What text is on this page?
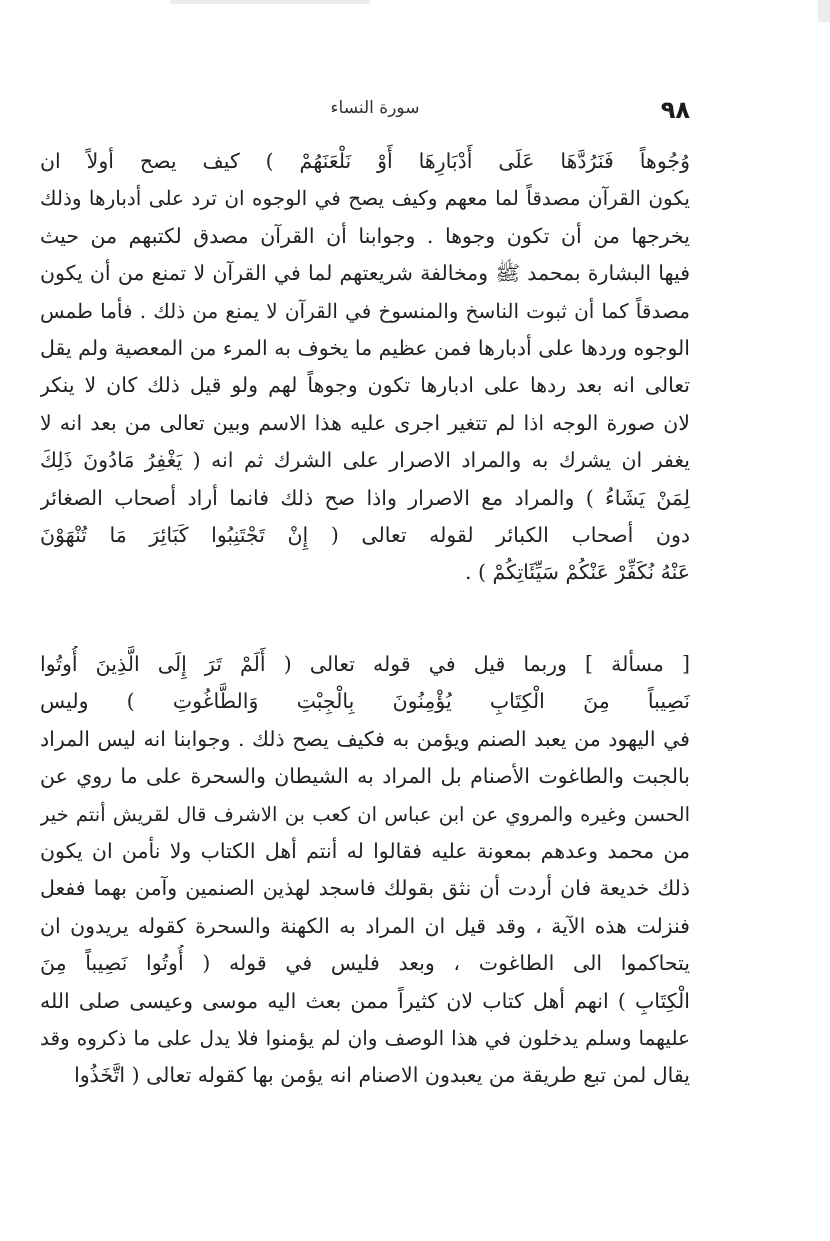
٩٨
سورة النساء
وُجُوهاً فَنَرُدَّهَا عَلَى أَدْبَارِهَا أَوْ نَلْعَنَهُمْ ) كيف يصح أولاً ان
يكون القرآن مصدقاً لما معهم وكيف يصح في الوجوه ان ترد على أدبارها وذلك
يخرجها من أن تكون وجوها . وجوابنا أن القرآن مصدق لكتبهم من حيث
فيها البشارة بمحمد ﷺ ومخالفة شريعتهم لما في القرآن لا تمنع من أن يكون
مصدقاً كما أن ثبوت الناسخ والمنسوخ في القرآن لا يمنع من ذلك . فأما طمس
الوجوه وردها على أدبارها فمن عظيم ما يخوف به المرء من المعصية ولم يقل
تعالى انه بعد ردها على ادبارها تكون وجوهاً لهم ولو قيل ذلك كان لا ينكر
لان صورة الوجه اذا لم تتغير اجرى عليه هذا الاسم وبين تعالى من بعد انه لا
يغفر ان يشرك به والمراد الاصرار على الشرك ثم انه ( يَغْفِرُ مَادُونَ ذَلِكَ
لِمَنْ يَشَاءُ ) والمراد مع الاصرار واذا صح ذلك فانما أراد أصحاب الصغائر
دون أصحاب الكبائر لقوله تعالى ( إِنْ تَجْتَنِبُوا كَبَائِرَ مَا تُنْهَوْنَ
عَنْهُ نُكَفِّرْ عَنْكُمْ سَيِّئَاتِكُمْ ) .
[ مسألة ] وربما قيل في قوله تعالى ( أَلَمْ تَرَ إِلَى الَّذِينَ أُوتُوا
نَصِيباً مِنَ الْكِتَابِ يُؤْمِنُونَ بِالْجِبْتِ وَالطَّاغُوتِ ) وليس
في اليهود من يعبد الصنم ويؤمن به فكيف يصح ذلك . وجوابنا انه ليس المراد
بالجبت والطاغوت الأصنام بل المراد به الشيطان والسحرة على ما روي عن
الحسن وغيره والمروي عن ابن عباس ان كعب بن الاشرف قال لقريش أنتم خير
من محمد وعدهم بمعونة عليه فقالوا له أنتم أهل الكتاب ولا نأمن ان يكون
ذلك خديعة فان أردت أن نثق بقولك فاسجد لهذين الصنمين وآمن بهما ففعل
فنزلت هذه الآية ، وقد قيل ان المراد به الكهنة والسحرة كقوله يريدون ان
يتحاكموا الى الطاغوت ، وبعد فليس في قوله ( أُوتُوا نَصِيباً مِنَ
الْكِتَابِ ) انهم أهل كتاب لان كثيراً ممن بعث اليه موسى وعيسى صلى الله
عليهما وسلم يدخلون في هذا الوصف وان لم يؤمنوا فلا يدل على ما ذكروه وقد
يقال لمن تبع طريقة من يعبدون الاصنام انه يؤمن بها كقوله تعالى ( اتَّخَذُوا
